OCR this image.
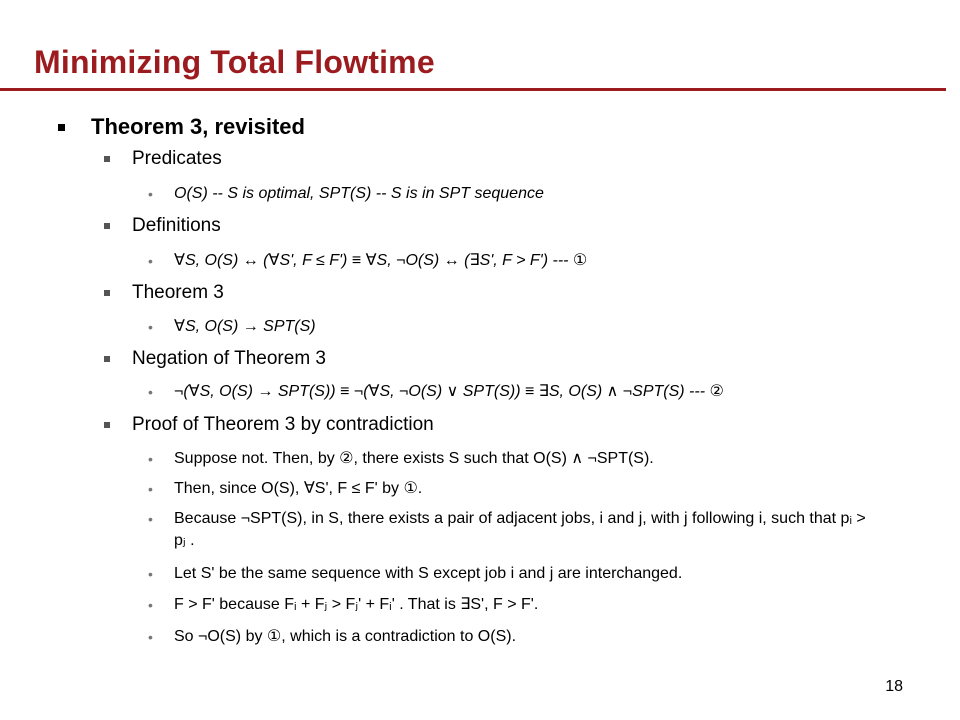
Minimizing Total Flowtime
Theorem 3, revisited
Predicates
• O(S) -- S is optimal, SPT(S) -- S is in SPT sequence
Definitions
• ∀S, O(S) ↔ (∀S', F ≤ F') ≡ ∀S, ¬O(S) ↔ (∃S', F > F') --- ①
Theorem 3
• ∀S, O(S) → SPT(S)
Negation of Theorem 3
• ¬(∀S, O(S) → SPT(S)) ≡ ¬(∀S, ¬O(S) ∨ SPT(S)) ≡ ∃S, O(S) ∧ ¬SPT(S) --- ②
Proof of Theorem 3 by contradiction
• Suppose not. Then, by ②, there exists S such that O(S) ∧ ¬SPT(S).
• Then, since O(S), ∀S', F ≤ F' by ①.
• Because ¬SPT(S), in S, there exists a pair of adjacent jobs, i and j, with j following i, such that pᵢ > pⱼ .
• Let S' be the same sequence with S except job i and j are interchanged.
• F > F' because Fᵢ + Fⱼ > Fⱼ' + Fᵢ' . That is ∃S', F > F'.
• So ¬O(S) by ①, which is a contradiction to O(S).
18
